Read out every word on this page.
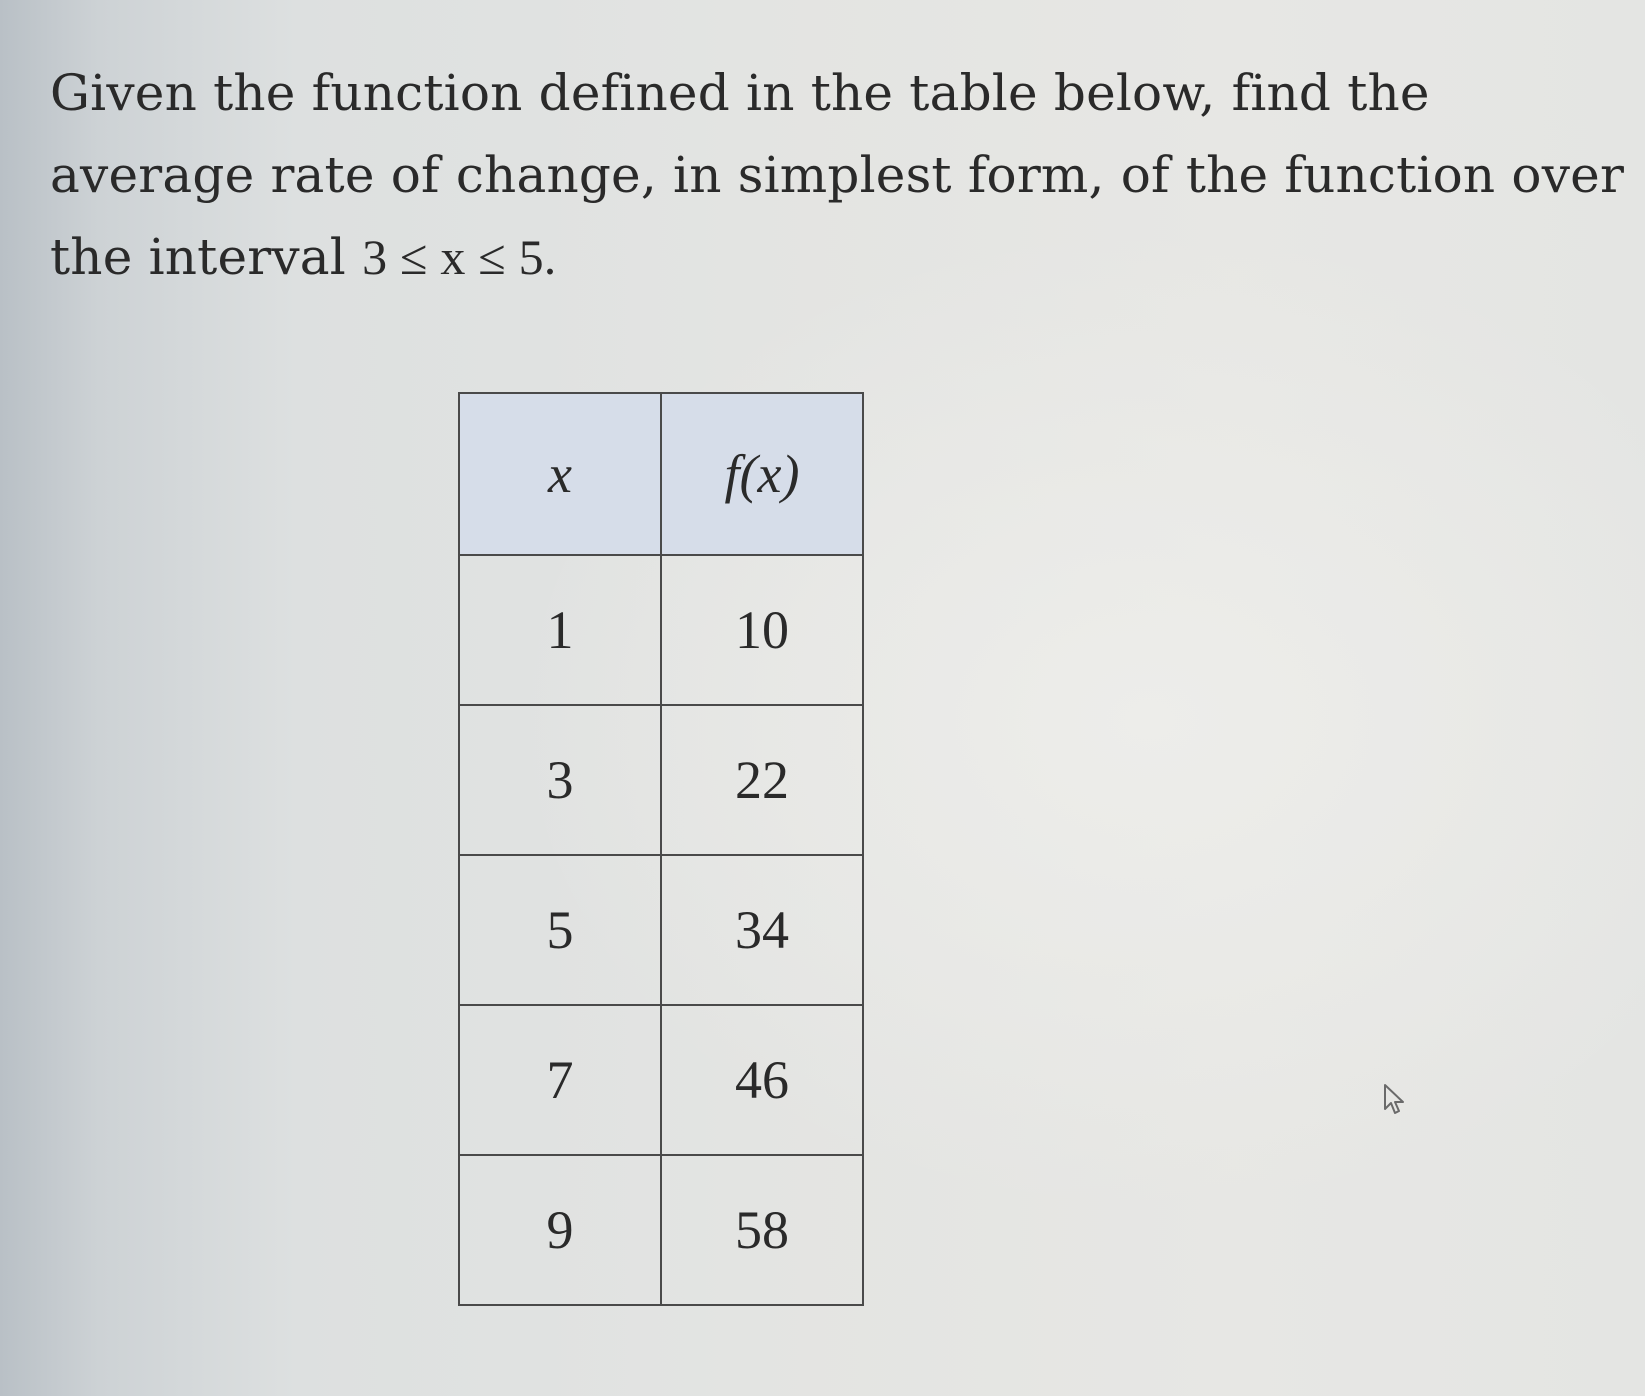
Given the function defined in the table below, find the
average rate of change, in simplest form, of the function over
the interval 3 ≤ x ≤ 5.
x	f(x)
1	10
3	22
5	34
7	46
9	58
